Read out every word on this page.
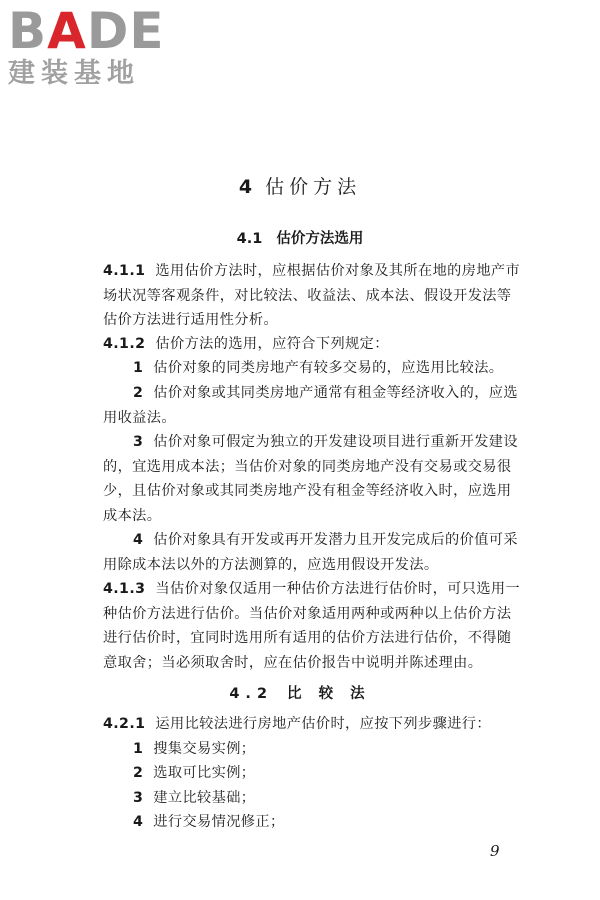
BADE
建装基地
4 估价方法
4.1 估价方法选用
4.1.1 选用估价方法时，应根据估价对象及其所在地的房地产市场状况等客观条件，对比较法、收益法、成本法、假设开发法等估价方法进行适用性分析。
4.1.2 估价方法的选用，应符合下列规定：
1 估价对象的同类房地产有较多交易的，应选用比较法。
2 估价对象或其同类房地产通常有租金等经济收入的，应选用收益法。
3 估价对象可假定为独立的开发建设项目进行重新开发建设的，宜选用成本法；当估价对象的同类房地产没有交易或交易很少，且估价对象或其同类房地产没有租金等经济收入时，应选用成本法。
4 估价对象具有开发或再开发潜力且开发完成后的价值可采用除成本法以外的方法测算的，应选用假设开发法。
4.1.3 当估价对象仅适用一种估价方法进行估价时，可只选用一种估价方法进行估价。当估价对象适用两种或两种以上估价方法进行估价时，宜同时选用所有适用的估价方法进行估价，不得随意取舍；当必须取舍时，应在估价报告中说明并陈述理由。
4.2 比 较 法
4.2.1 运用比较法进行房地产估价时，应按下列步骤进行：
1 搜集交易实例；
2 选取可比实例；
3 建立比较基础；
4 进行交易情况修正；
9
